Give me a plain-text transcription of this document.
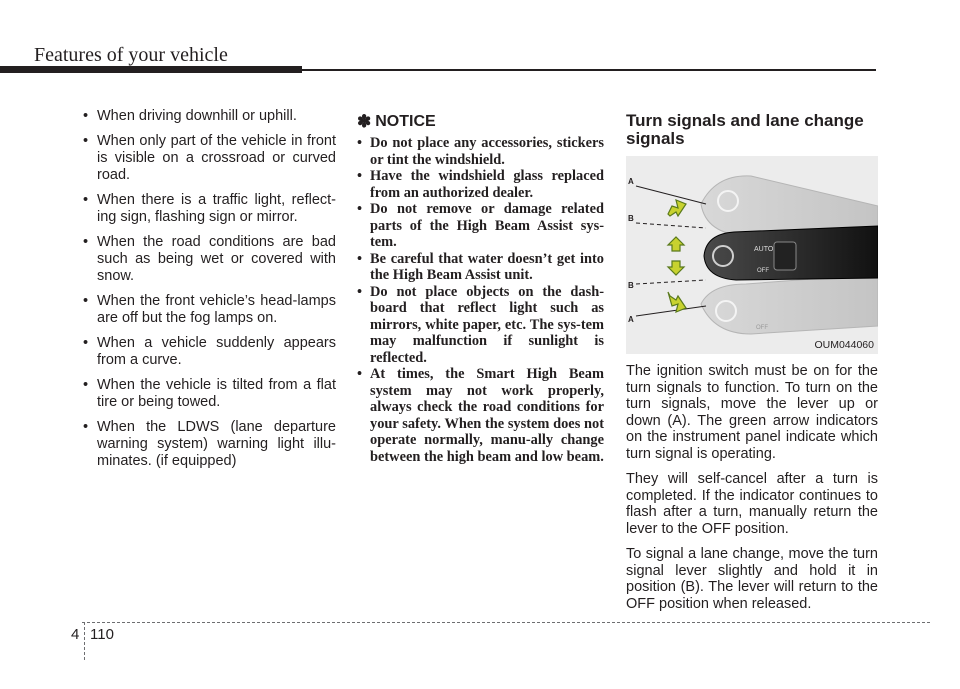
Features of your vehicle
• When driving downhill or uphill.
• When only part of the vehicle in front is visible on a crossroad or curved road.
• When there is a traffic light, reflect-ing sign, flashing sign or mirror.
• When the road conditions are bad such as being wet or covered with snow.
• When the front vehicle’s head-lamps are off but the fog lamps on.
• When a vehicle suddenly appears from a curve.
• When the vehicle is tilted from a flat tire or being towed.
• When the LDWS (lane departure warning system) warning light illu-minates. (if equipped)
✽ NOTICE
• Do not place any accessories, stickers or tint the windshield.
• Have the windshield glass replaced from an authorized dealer.
• Do not remove or damage related parts of the High Beam Assist sys-tem.
• Be careful that water doesn’t get into the High Beam Assist unit.
• Do not place objects on the dash-board that reflect light such as mirrors, white paper, etc. The sys-tem may malfunction if sunlight is reflected.
• At times, the Smart High Beam system may not work properly, always check the road conditions for your safety. When the system does not operate normally, manu-ally change between the high beam and low beam.
Turn signals and lane change signals
AUTO
OFF
OFF
A
B
B
A
OUM044060

The ignition switch must be on for the turn signals to function. To turn on the turn signals, move the lever up or down (A). The green arrow indicators on the instrument panel indicate which turn signal is operating.

They will self-cancel after a turn is completed. If the indicator continues to flash after a turn, manually return the lever to the OFF position.

To signal a lane change, move the turn signal lever slightly and hold it in position (B). The lever will return to the OFF position when released.

4 110
